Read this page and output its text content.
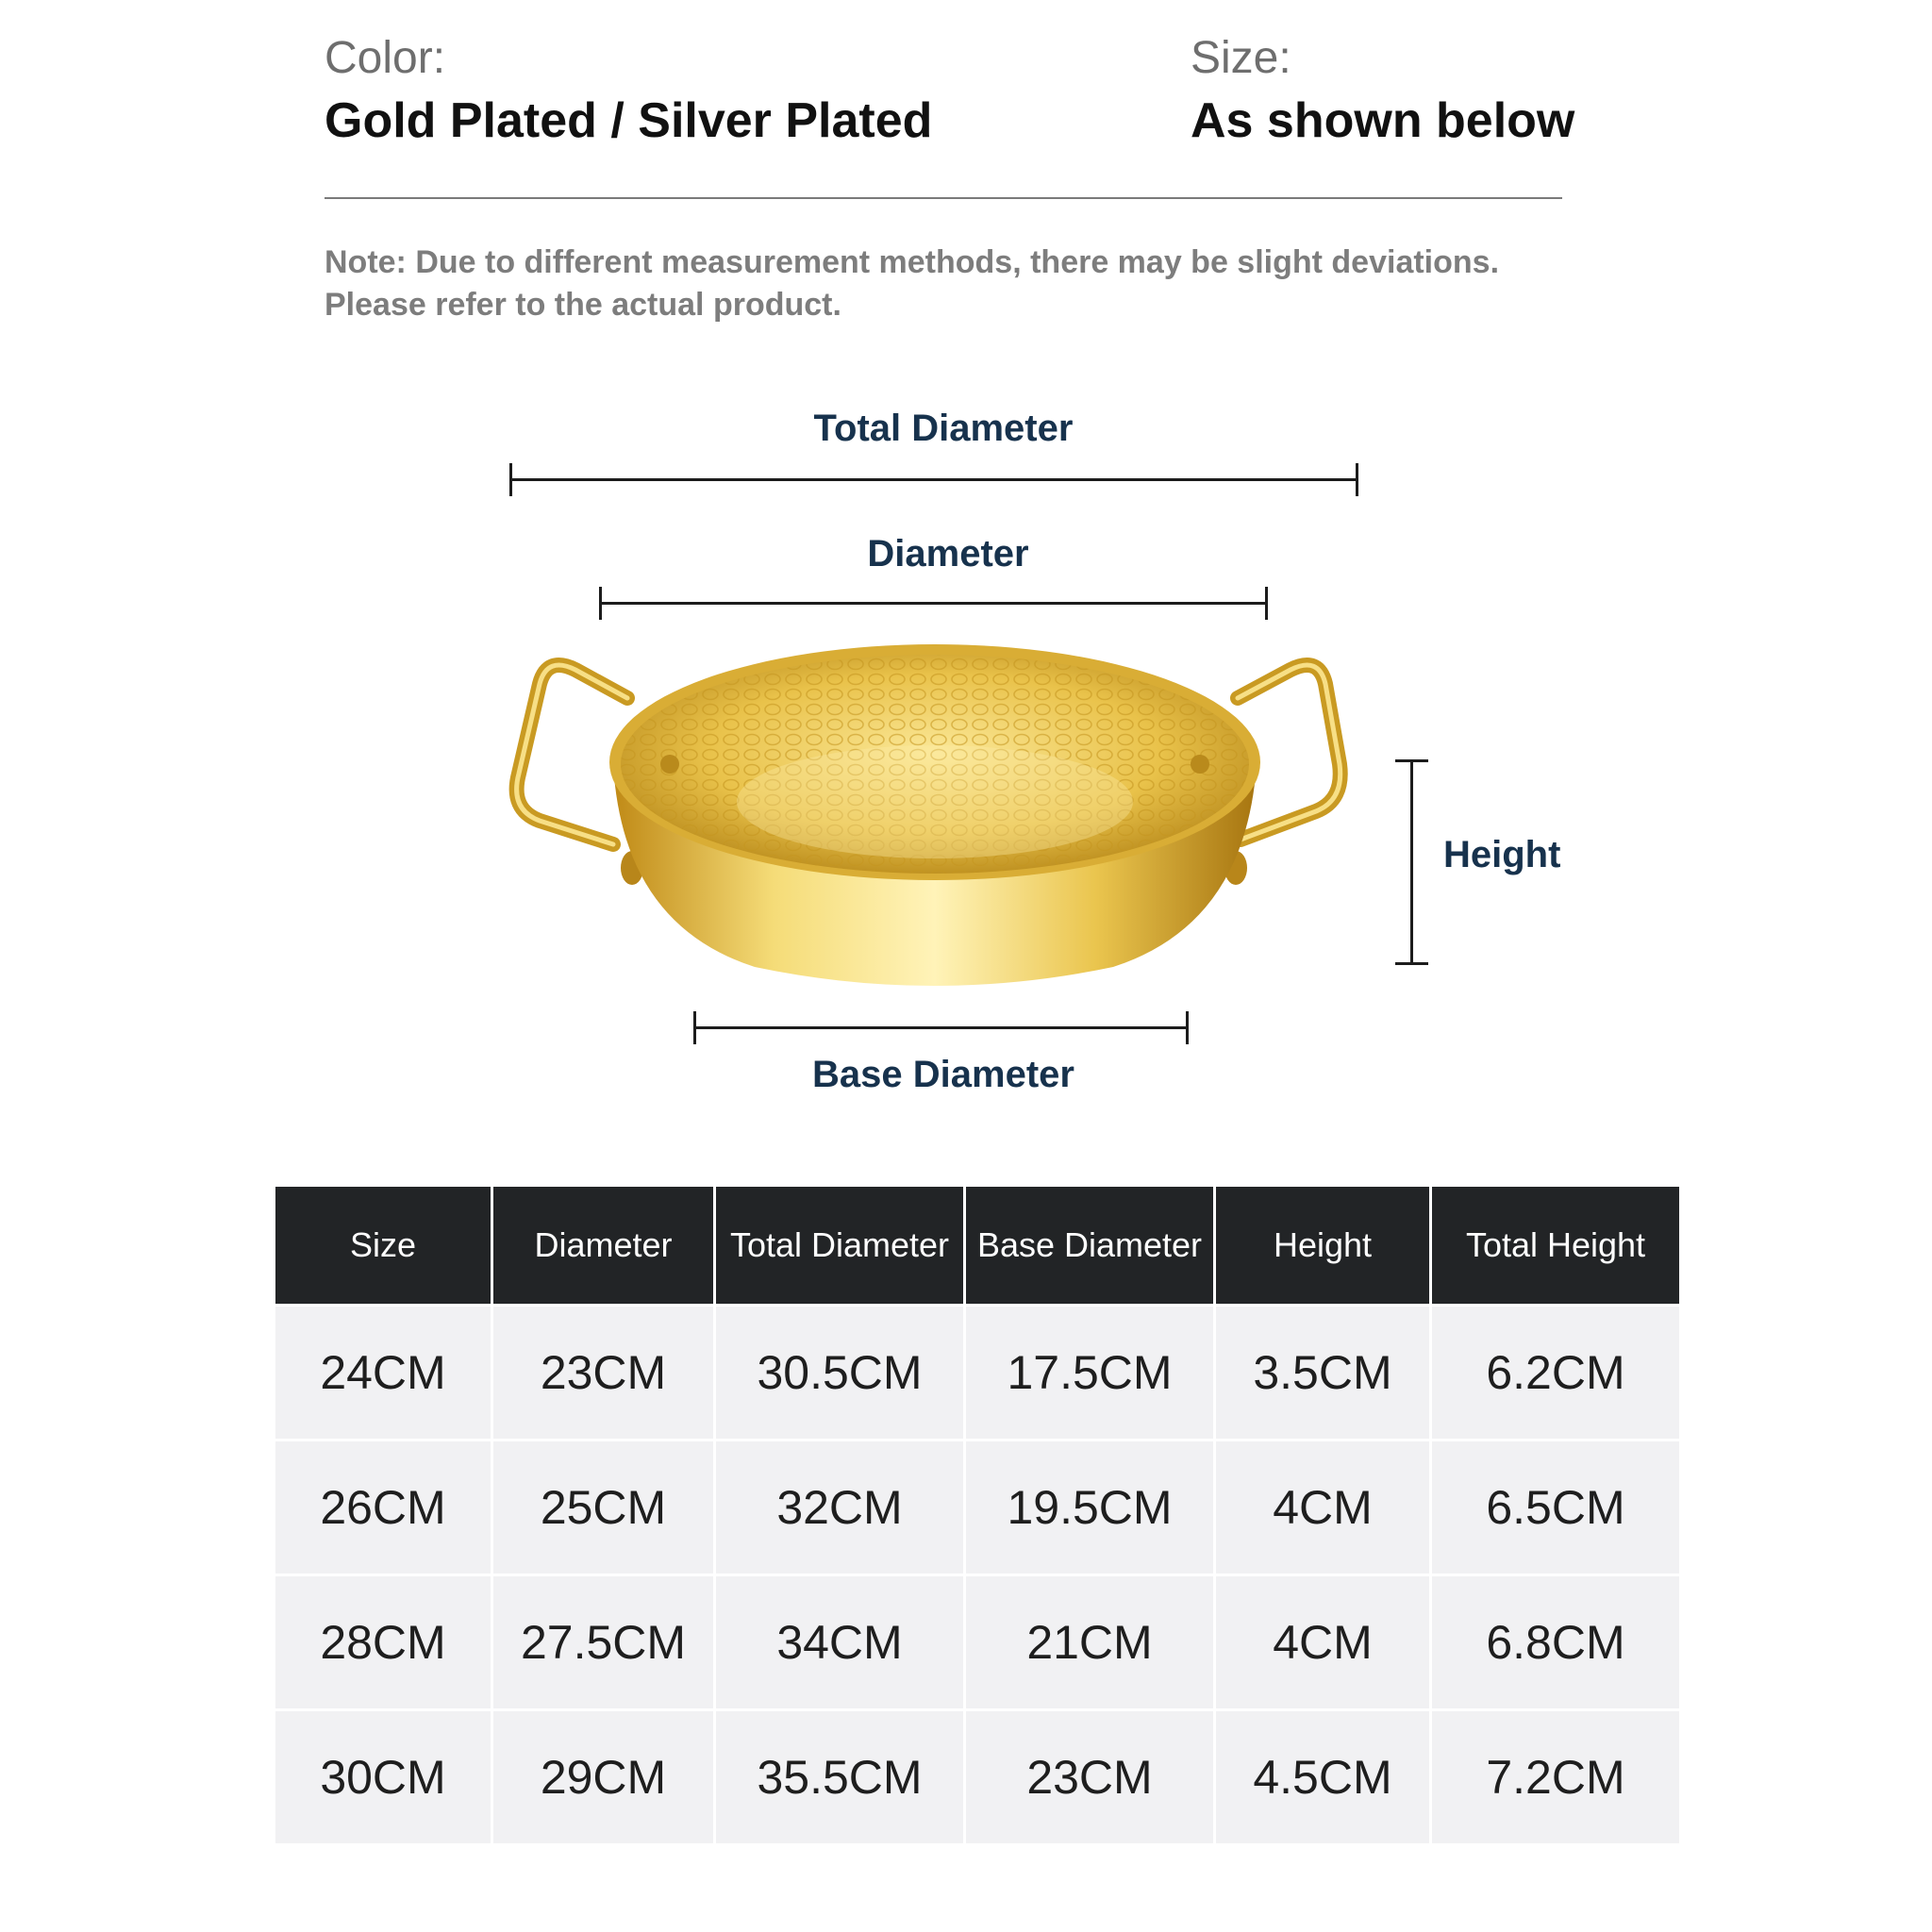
Color:
Gold Plated / Silver Plated
Size:
As shown below
Note: Due to different measurement methods, there may be slight deviations.
Please refer to the actual product.
Total Diameter
Diameter
Height
Base Diameter
Size	Diameter	Total Diameter	Base Diameter	Height	Total Height
24CM	23CM	30.5CM	17.5CM	3.5CM	6.2CM
26CM	25CM	32CM	19.5CM	4CM	6.5CM
28CM	27.5CM	34CM	21CM	4CM	6.8CM
30CM	29CM	35.5CM	23CM	4.5CM	7.2CM
